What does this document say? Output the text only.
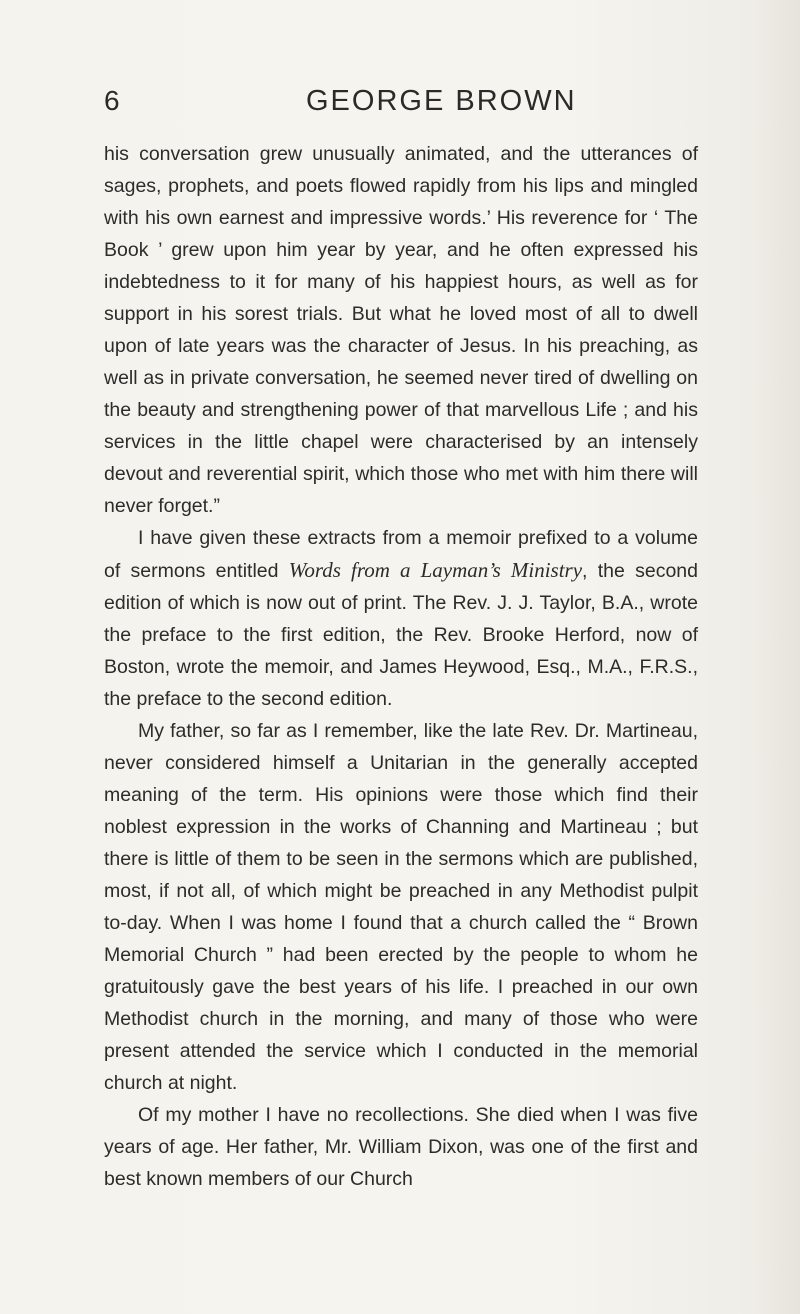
6	GEORGE BROWN

his conversation grew unusually animated, and the utterances of sages, prophets, and poets flowed rapidly from his lips and mingled with his own earnest and impressive words.’ His reverence for ‘ The Book ’ grew upon him year by year, and he often expressed his indebtedness to it for many of his happiest hours, as well as for support in his sorest trials. But what he loved most of all to dwell upon of late years was the character of Jesus. In his preaching, as well as in private conversation, he seemed never tired of dwelling on the beauty and strengthening power of that marvellous Life ; and his services in the little chapel were characterised by an intensely devout and reverential spirit, which those who met with him there will never forget.”

I have given these extracts from a memoir prefixed to a volume of sermons entitled Words from a Layman’s Ministry, the second edition of which is now out of print. The Rev. J. J. Taylor, B.A., wrote the preface to the first edition, the Rev. Brooke Herford, now of Boston, wrote the memoir, and James Heywood, Esq., M.A., F.R.S., the preface to the second edition.

My father, so far as I remember, like the late Rev. Dr. Martineau, never considered himself a Unitarian in the generally accepted meaning of the term. His opinions were those which find their noblest expression in the works of Channing and Martineau ; but there is little of them to be seen in the sermons which are published, most, if not all, of which might be preached in any Methodist pulpit to-day. When I was home I found that a church called the “ Brown Memorial Church ” had been erected by the people to whom he gratuitously gave the best years of his life. I preached in our own Methodist church in the morning, and many of those who were present attended the service which I conducted in the memorial church at night.

Of my mother I have no recollections. She died when I was five years of age. Her father, Mr. William Dixon, was one of the first and best known members of our Church
